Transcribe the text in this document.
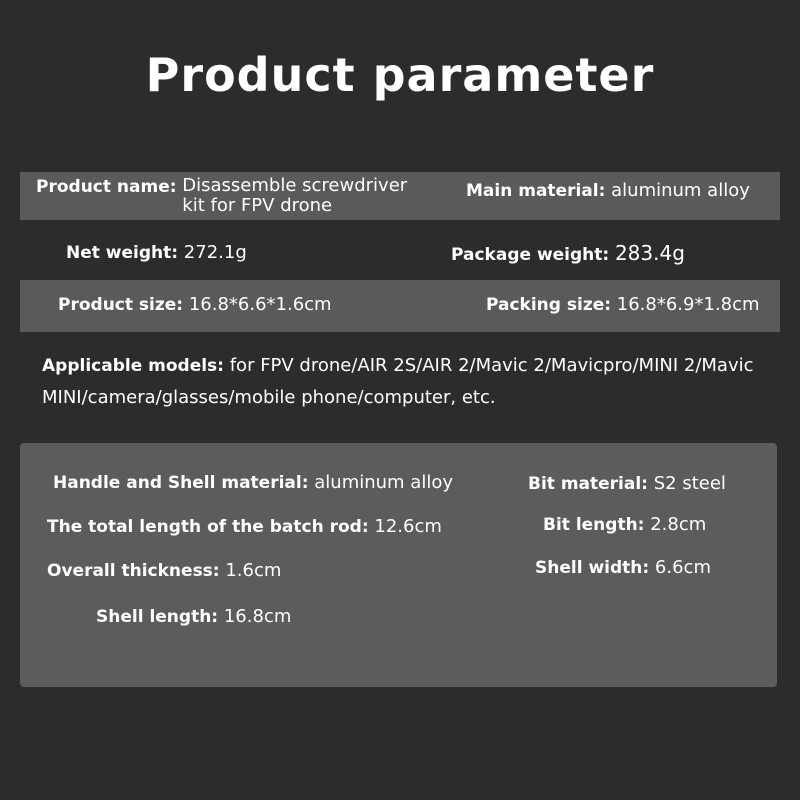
Product parameter
Product name: Disassemble screwdriver kit for FPV drone
Main material: aluminum alloy
Net weight: 272.1g	Package weight: 283.4g
Product size: 16.8*6.6*1.6cm	Packing size: 16.8*6.9*1.8cm
Applicable models: for FPV drone/AIR 2S/AIR 2/Mavic 2/Mavicpro/MINI 2/Mavic MINI/camera/glasses/mobile phone/computer, etc.
Handle and Shell material: aluminum alloy
The total length of the batch rod: 12.6cm
Overall thickness: 1.6cm
Shell length: 16.8cm
Bit material: S2 steel
Bit length: 2.8cm
Shell width: 6.6cm
